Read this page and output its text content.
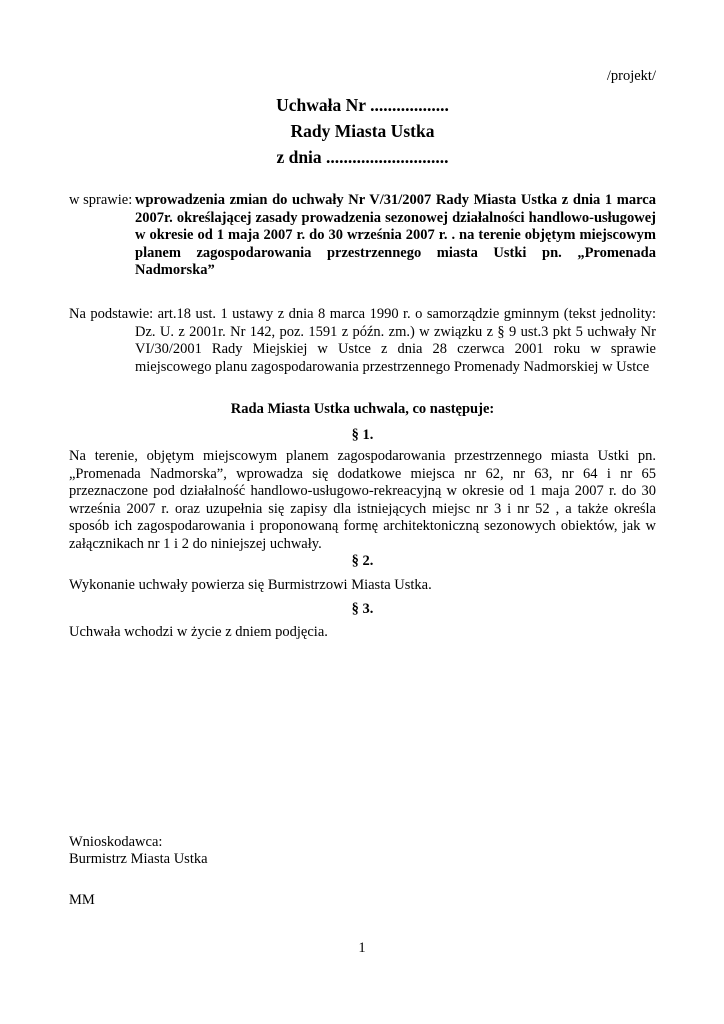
/projekt/
Uchwała Nr ..................
Rady Miasta Ustka
z dnia ............................
w sprawie: wprowadzenia zmian do uchwały Nr V/31/2007 Rady Miasta Ustka z dnia 1 marca 2007r. określającej zasady prowadzenia sezonowej działalności handlowo-usługowej w okresie od 1 maja 2007 r. do 30 września 2007 r. . na terenie objętym miejscowym planem zagospodarowania przestrzennego miasta Ustki pn. „Promenada Nadmorska”
Na podstawie: art.18 ust. 1 ustawy z dnia 8 marca 1990 r. o samorządzie gminnym (tekst jednolity:
Dz. U. z 2001r. Nr 142, poz. 1591 z późn. zm.) w związku z § 9 ust.3 pkt 5 uchwały Nr VI/30/2001 Rady Miejskiej w Ustce z dnia 28 czerwca 2001 roku w sprawie miejscowego planu zagospodarowania przestrzennego Promenady Nadmorskiej w Ustce
Rada Miasta Ustka uchwala, co następuje:
§ 1.
Na terenie, objętym miejscowym planem zagospodarowania przestrzennego miasta Ustki pn. „Promenada Nadmorska”, wprowadza się dodatkowe miejsca nr 62, nr 63, nr 64 i nr 65 przeznaczone pod działalność handlowo-usługowo-rekreacyjną w okresie od 1 maja 2007 r. do 30 września 2007 r. oraz uzupełnia się zapisy dla istniejących miejsc nr 3 i nr 52 , a także określa sposób ich zagospodarowania i proponowaną formę architektoniczną sezonowych obiektów, jak w załącznikach nr 1 i 2 do niniejszej uchwały.
§ 2.
Wykonanie uchwały powierza się Burmistrzowi Miasta Ustka.
§ 3.
Uchwała wchodzi w życie z dniem podjęcia.
Wnioskodawca:
Burmistrz Miasta Ustka
MM
1
